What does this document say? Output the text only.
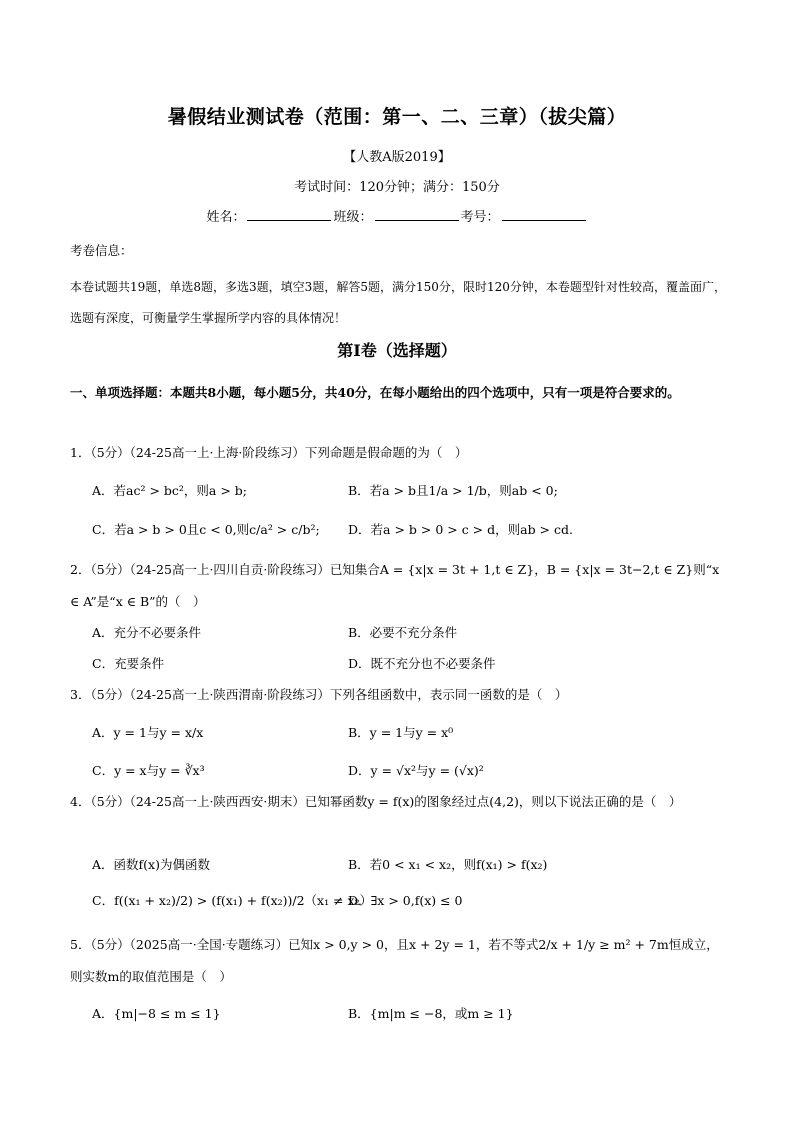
暑假结业测试卷（范围：第一、二、三章）（拔尖篇）
【人教A版2019】
考试时间：120分钟；满分：150分
姓名：	班级：	考号：
考卷信息：
本卷试题共19题，单选8题，多选3题，填空3题，解答5题，满分150分，限时120分钟，本卷题型针对性较高，覆盖面广，选题有深度，可衡量学生掌握所学内容的具体情况！
第Ⅰ卷（选择题）
一、单项选择题：本题共8小题，每小题5分，共40分，在每小题给出的四个选项中，只有一项是符合要求的。
1．（5分）（24-25高一上·上海·阶段练习）下列命题是假命题的为（　）
A．若ac² > bc²，则a > b;	B．若a > b且1/a > 1/b，则ab < 0;
C．若a > b > 0且c < 0,则c/a² > c/b²; D．若a > b > 0 > c > d，则ab > cd.
2．（5分）（24-25高一上·四川自贡·阶段练习）已知集合A = {x|x = 3t + 1,t ∈ Z}，B = {x|x = 3t−2,t ∈ Z}则“x ∈ A”是“x ∈ B”的（　）
A．充分不必要条件	B．必要不充分条件
C．充要条件	D．既不充分也不必要条件
3．（5分）（24-25高一上·陕西渭南·阶段练习）下列各组函数中，表示同一函数的是（　）
A．y = 1与y = x/x	B．y = 1与y = x⁰
C．y = x与y = ∛x³	D．y = √x²与y = (√x)²
4．（5分）（24-25高一上·陕西西安·期末）已知幂函数y = f(x)的图象经过点(4,2)，则以下说法正确的是（　）
A．函数f(x)为偶函数	B．若0 < x₁ < x₂，则f(x₁) > f(x₂)
C．f((x₁ + x₂)/2) > (f(x₁) + f(x₂))/2（x₁ ≠ x₂）
D．∃x > 0,f(x) ≤ 0
5．（5分）（2025高一·全国·专题练习）已知x > 0,y > 0，且x + 2y = 1，若不等式2/x + 1/y ≥ m² + 7m恒成立，则实数m的取值范围是（　）
A．{m|−8 ≤ m ≤ 1}	B．{m|m ≤ −8，或m ≥ 1}
